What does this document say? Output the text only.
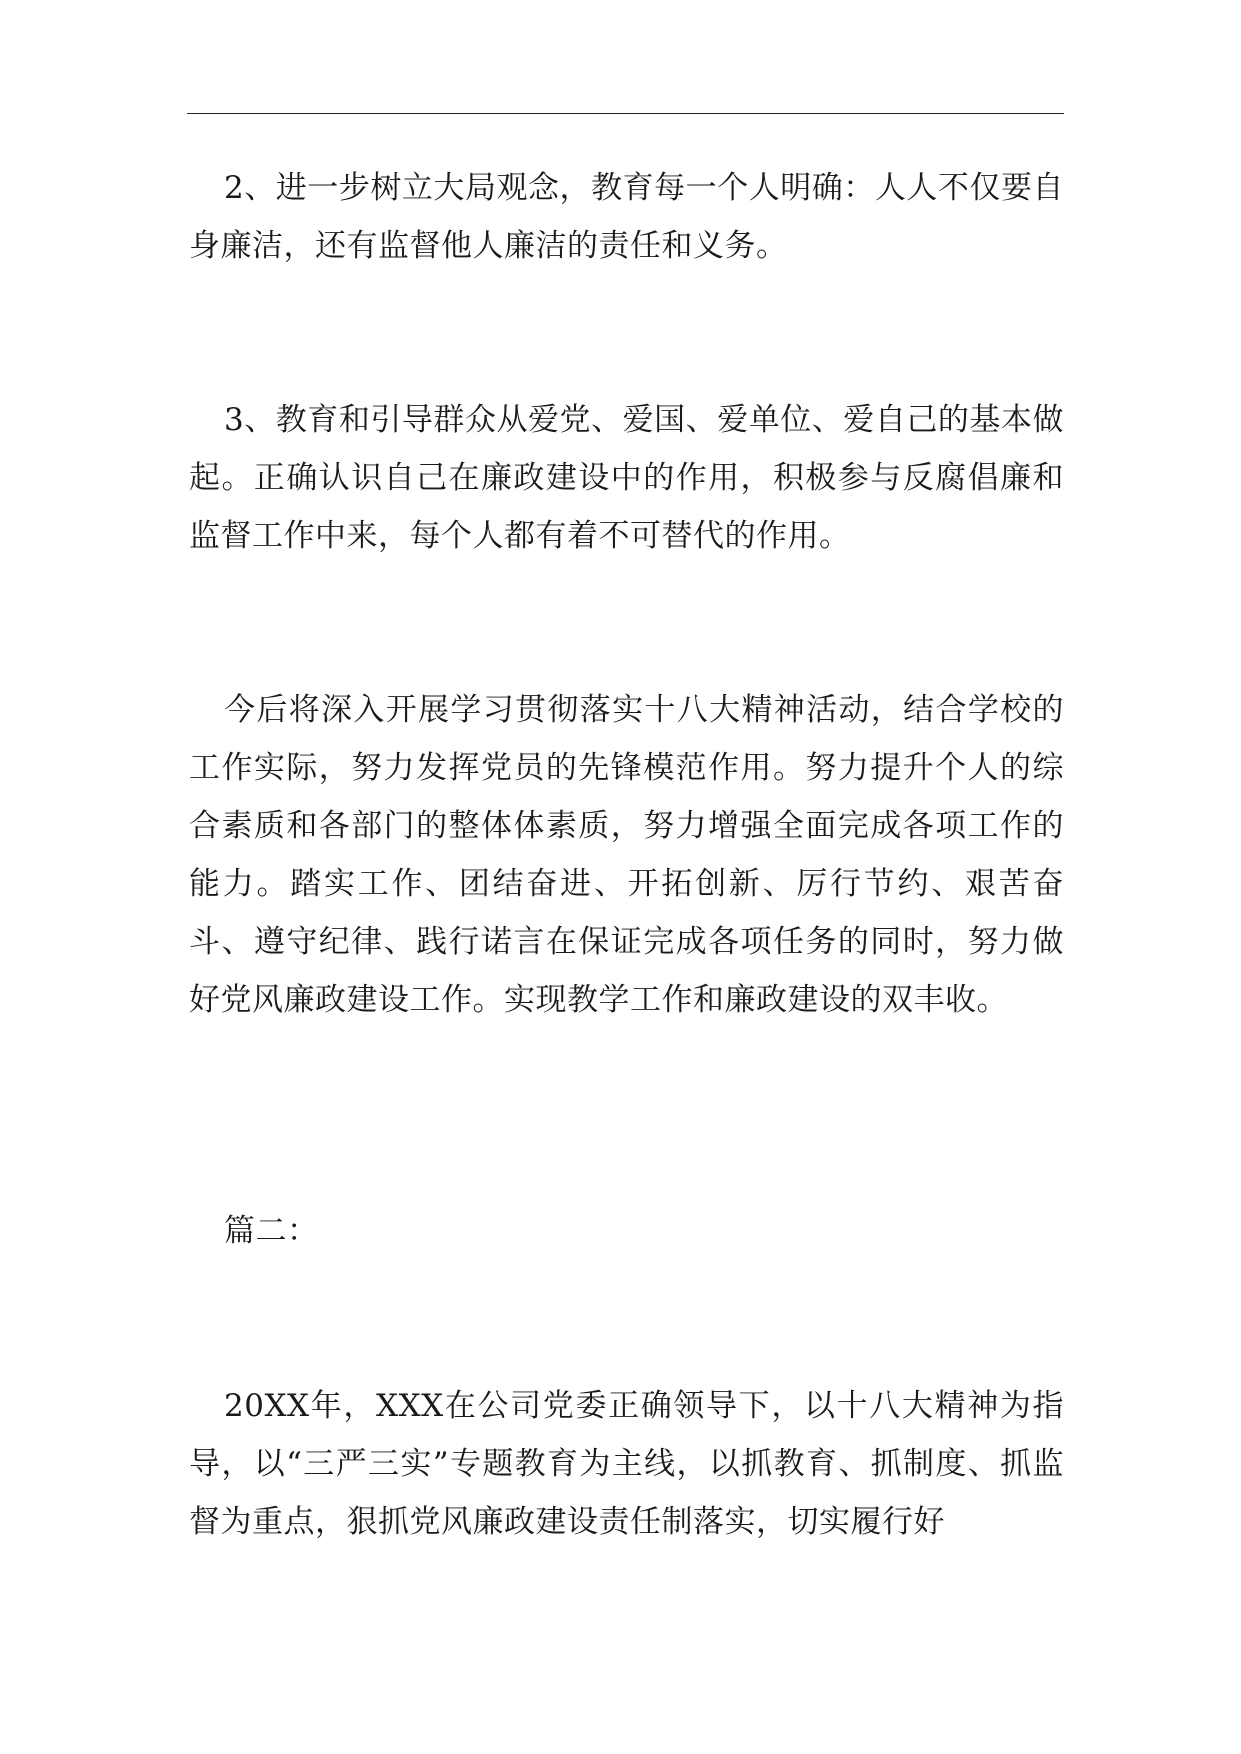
2、进一步树立大局观念，教育每一个人明确：人人不仅要自身廉洁，还有监督他人廉洁的责任和义务。

3、教育和引导群众从爱党、爱国、爱单位、爱自己的基本做起。正确认识自己在廉政建设中的作用，积极参与反腐倡廉和监督工作中来，每个人都有着不可替代的作用。

今后将深入开展学习贯彻落实十八大精神活动，结合学校的工作实际，努力发挥党员的先锋模范作用。努力提升个人的综合素质和各部门的整体体素质，努力增强全面完成各项工作的能力。踏实工作、团结奋进、开拓创新、厉行节约、艰苦奋斗、遵守纪律、践行诺言在保证完成各项任务的同时，努力做好党风廉政建设工作。实现教学工作和廉政建设的双丰收。

篇二：

20XX年，XXX在公司党委正确领导下，以十八大精神为指导，以“三严三实”专题教育为主线，以抓教育、抓制度、抓监督为重点，狠抓党风廉政建设责任制落实，切实履行好
